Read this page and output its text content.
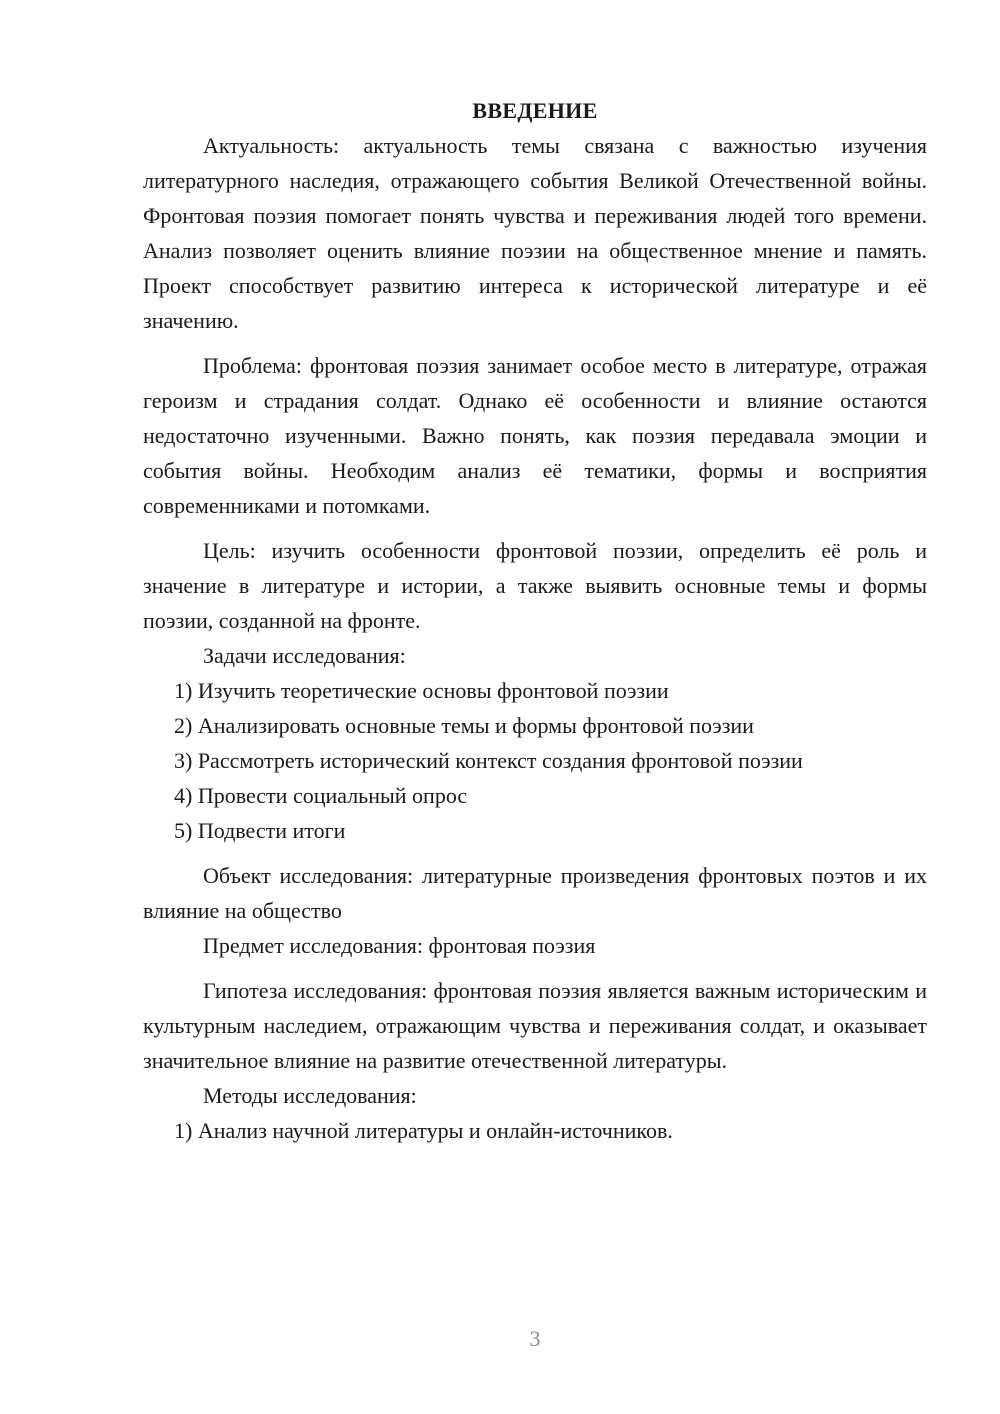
ВВЕДЕНИЕ

Актуальность: актуальность темы связана с важностью изучения литературного наследия, отражающего события Великой Отечественной войны. Фронтовая поэзия помогает понять чувства и переживания людей того времени. Анализ позволяет оценить влияние поэзии на общественное мнение и память. Проект способствует развитию интереса к исторической литературе и её значению.

Проблема: фронтовая поэзия занимает особое место в литературе, отражая героизм и страдания солдат. Однако её особенности и влияние остаются недостаточно изученными. Важно понять, как поэзия передавала эмоции и события войны. Необходим анализ её тематики, формы и восприятия современниками и потомками.

Цель: изучить особенности фронтовой поэзии, определить её роль и значение в литературе и истории, а также выявить основные темы и формы поэзии, созданной на фронте.

Задачи исследования:

1) Изучить теоретические основы фронтовой поэзии

2) Анализировать основные темы и формы фронтовой поэзии

3) Рассмотреть исторический контекст создания фронтовой поэзии

4) Провести социальный опрос

5) Подвести итоги

Объект исследования: литературные произведения фронтовых поэтов и их влияние на общество

Предмет исследования: фронтовая поэзия

Гипотеза исследования: фронтовая поэзия является важным историческим и культурным наследием, отражающим чувства и переживания солдат, и оказывает значительное влияние на развитие отечественной литературы.

Методы исследования:

1) Анализ научной литературы и онлайн-источников.

3
